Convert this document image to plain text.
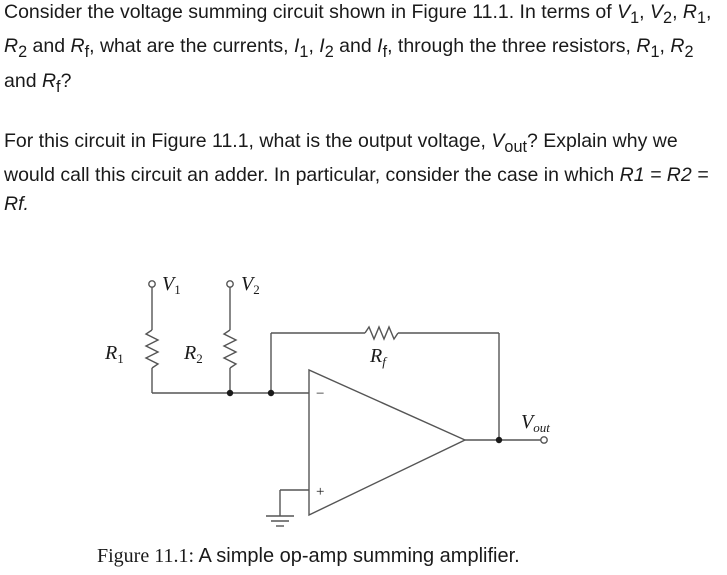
Consider the voltage summing circuit shown in Figure 11.1. In terms of $V_1$, $V_2$, $R_1$, $R_2$ and $R_f$, what are the currents, $I_1$, $I_2$ and $I_f$, through the three resistors, $R_1$, $R_2$ and $R_f$?

For this circuit in Figure 11.1, what is the output voltage, $V_{out}$? Explain why we would call this circuit an adder. In particular, consider the case in which R1 = R2 = Rf.

$V_1$	$V_2$
$R_1$	$R_2$	$R_f$
$V_{out}$
−
+
Figure 11.1: A simple op-amp summing amplifier.
